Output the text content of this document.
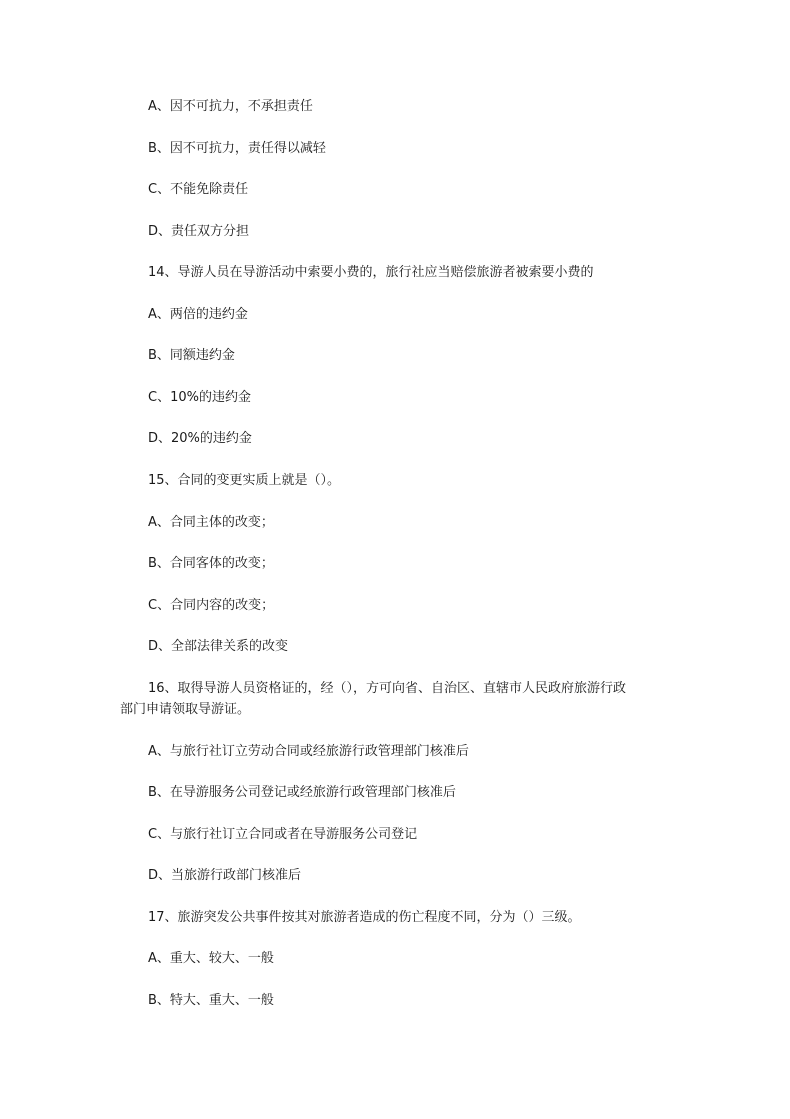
A、因不可抗力，不承担责任

B、因不可抗力，责任得以减轻

C、不能免除责任

D、责任双方分担

14、导游人员在导游活动中索要小费的，旅行社应当赔偿旅游者被索要小费的

A、两倍的违约金

B、同额违约金

C、10%的违约金

D、20%的违约金

15、合同的变更实质上就是（）。

A、合同主体的改变；

B、合同客体的改变；

C、合同内容的改变；

D、全部法律关系的改变

16、取得导游人员资格证的，经（），方可向省、自治区、直辖市人民政府旅游行政

部门申请领取导游证。

A、与旅行社订立劳动合同或经旅游行政管理部门核准后

B、在导游服务公司登记或经旅游行政管理部门核准后

C、与旅行社订立合同或者在导游服务公司登记

D、当旅游行政部门核准后

17、旅游突发公共事件按其对旅游者造成的伤亡程度不同，分为（）三级。

A、重大、较大、一般

B、特大、重大、一般
